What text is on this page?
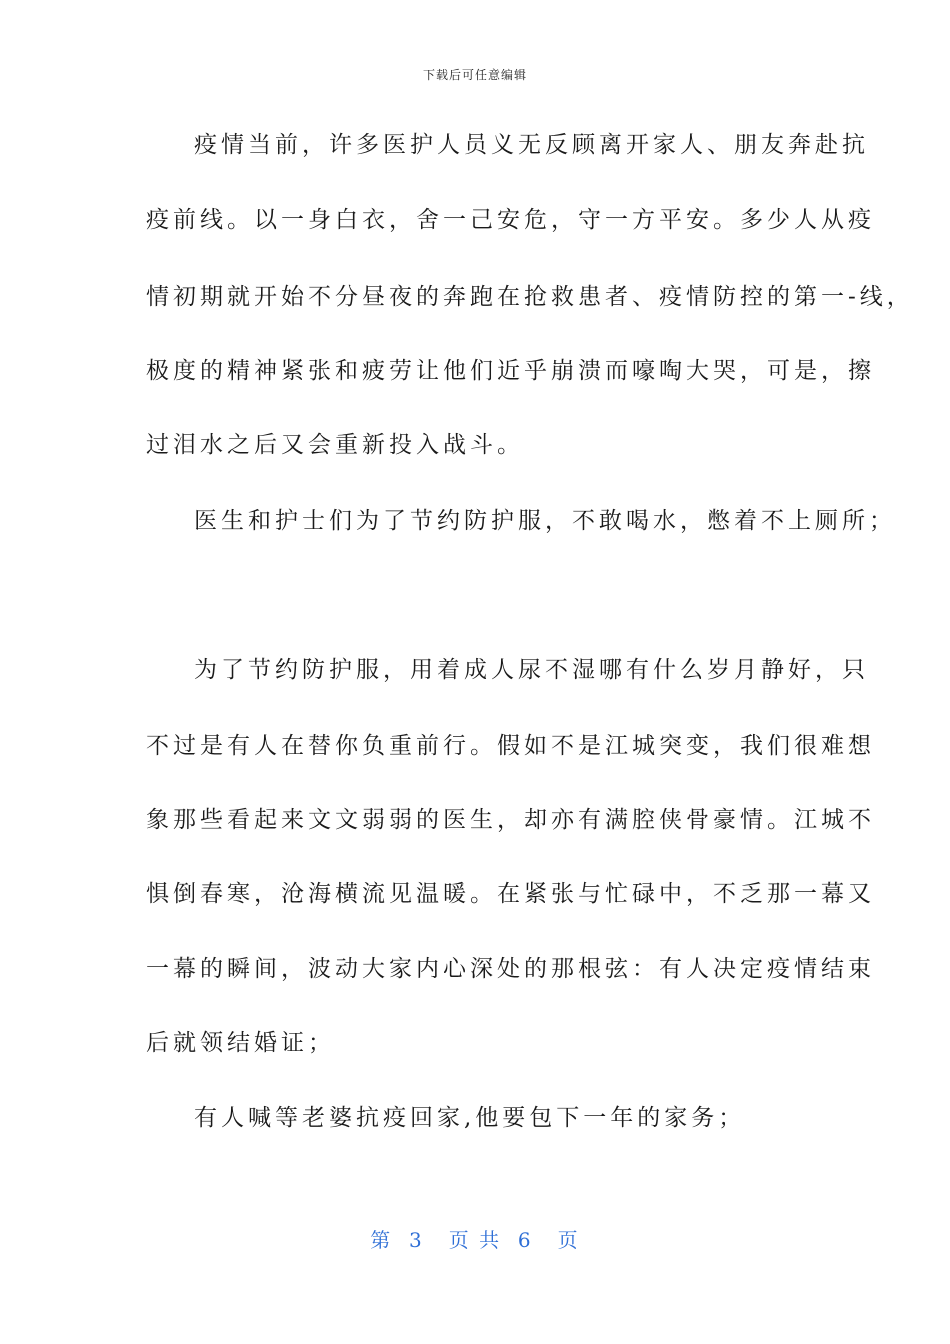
下载后可任意编辑
疫情当前，许多医护人员义无反顾离开家人、朋友奔赴抗
疫前线。以一身白衣，舍一己安危，守一方平安。多少人从疫
情初期就开始不分昼夜的奔跑在抢救患者、疫情防控的第一-线，
极度的精神紧张和疲劳让他们近乎崩溃而嚎啕大哭，可是，擦
过泪水之后又会重新投入战斗。
医生和护士们为了节约防护服，不敢喝水，憋着不上厕所；
为了节约防护服，用着成人尿不湿哪有什么岁月静好，只
不过是有人在替你负重前行。假如不是江城突变，我们很难想
象那些看起来文文弱弱的医生，却亦有满腔侠骨豪情。江城不
惧倒春寒，沧海横流见温暖。在紧张与忙碌中，不乏那一幕又
一幕的瞬间，波动大家内心深处的那根弦：有人决定疫情结束
后就领结婚证；
有人喊等老婆抗疫回家,他要包下一年的家务；
第  3   页 共  6   页
